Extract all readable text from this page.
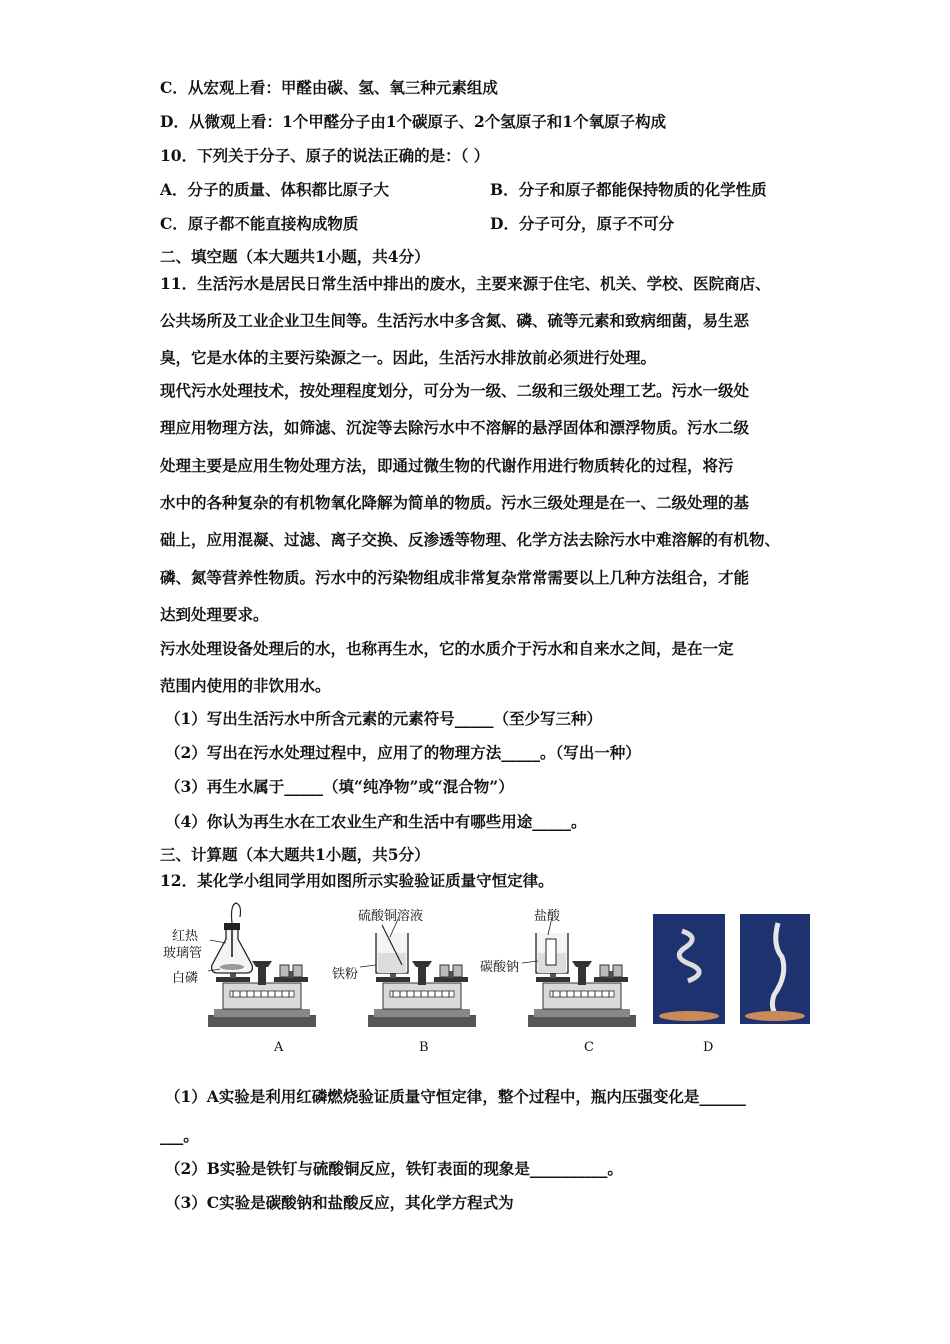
C．从宏观上看：甲醛由碳、氢、氧三种元素组成
D．从微观上看：1个甲醛分子由1个碳原子、2个氢原子和1个氧原子构成
10．下列关于分子、原子的说法正确的是：（ ）
A．分子的质量、体积都比原子大	B．分子和原子都能保持物质的化学性质
C．原子都不能直接构成物质	D．分子可分，原子不可分
二、填空题（本大题共1小题，共4分）
11．生活污水是居民日常生活中排出的废水，主要来源于住宅、机关、学校、医院商店、
公共场所及工业企业卫生间等。生活污水中多含氮、磷、硫等元素和致病细菌，易生恶
臭，它是水体的主要污染源之一。因此，生活污水排放前必须进行处理。
现代污水处理技术，按处理程度划分，可分为一级、二级和三级处理工艺。污水一级处
理应用物理方法，如筛滤、沉淀等去除污水中不溶解的悬浮固体和漂浮物质。污水二级
处理主要是应用生物处理方法，即通过微生物的代谢作用进行物质转化的过程，将污
水中的各种复杂的有机物氧化降解为简单的物质。污水三级处理是在一、二级处理的基
础上，应用混凝、过滤、离子交换、反渗透等物理、化学方法去除污水中难溶解的有机物、
磷、氮等营养性物质。污水中的污染物组成非常复杂常常需要以上几种方法组合，才能
达到处理要求。
污水处理设备处理后的水，也称再生水，它的水质介于污水和自来水之间，是在一定
范围内使用的非饮用水。
（1）写出生活污水中所含元素的元素符号_____（至少写三种）
（2）写出在污水处理过程中，应用了的物理方法_____。（写出一种）
（3）再生水属于_____（填“纯净物”或“混合物”）
（4）你认为再生水在工农业生产和生活中有哪些用途_____。
三、计算题（本大题共1小题，共5分）
12．某化学小组同学用如图所示实验验证质量守恒定律。
红热
玻璃管
白磷
硫酸铜溶液
铁粉
盐酸
碳酸钠
A	B	C	D
（1）A实验是利用红磷燃烧验证质量守恒定律，整个过程中，瓶内压强变化是______
___。
（2）B实验是铁钉与硫酸铜反应，铁钉表面的现象是__________。
（3）C实验是碳酸钠和盐酸反应，其化学方程式为
